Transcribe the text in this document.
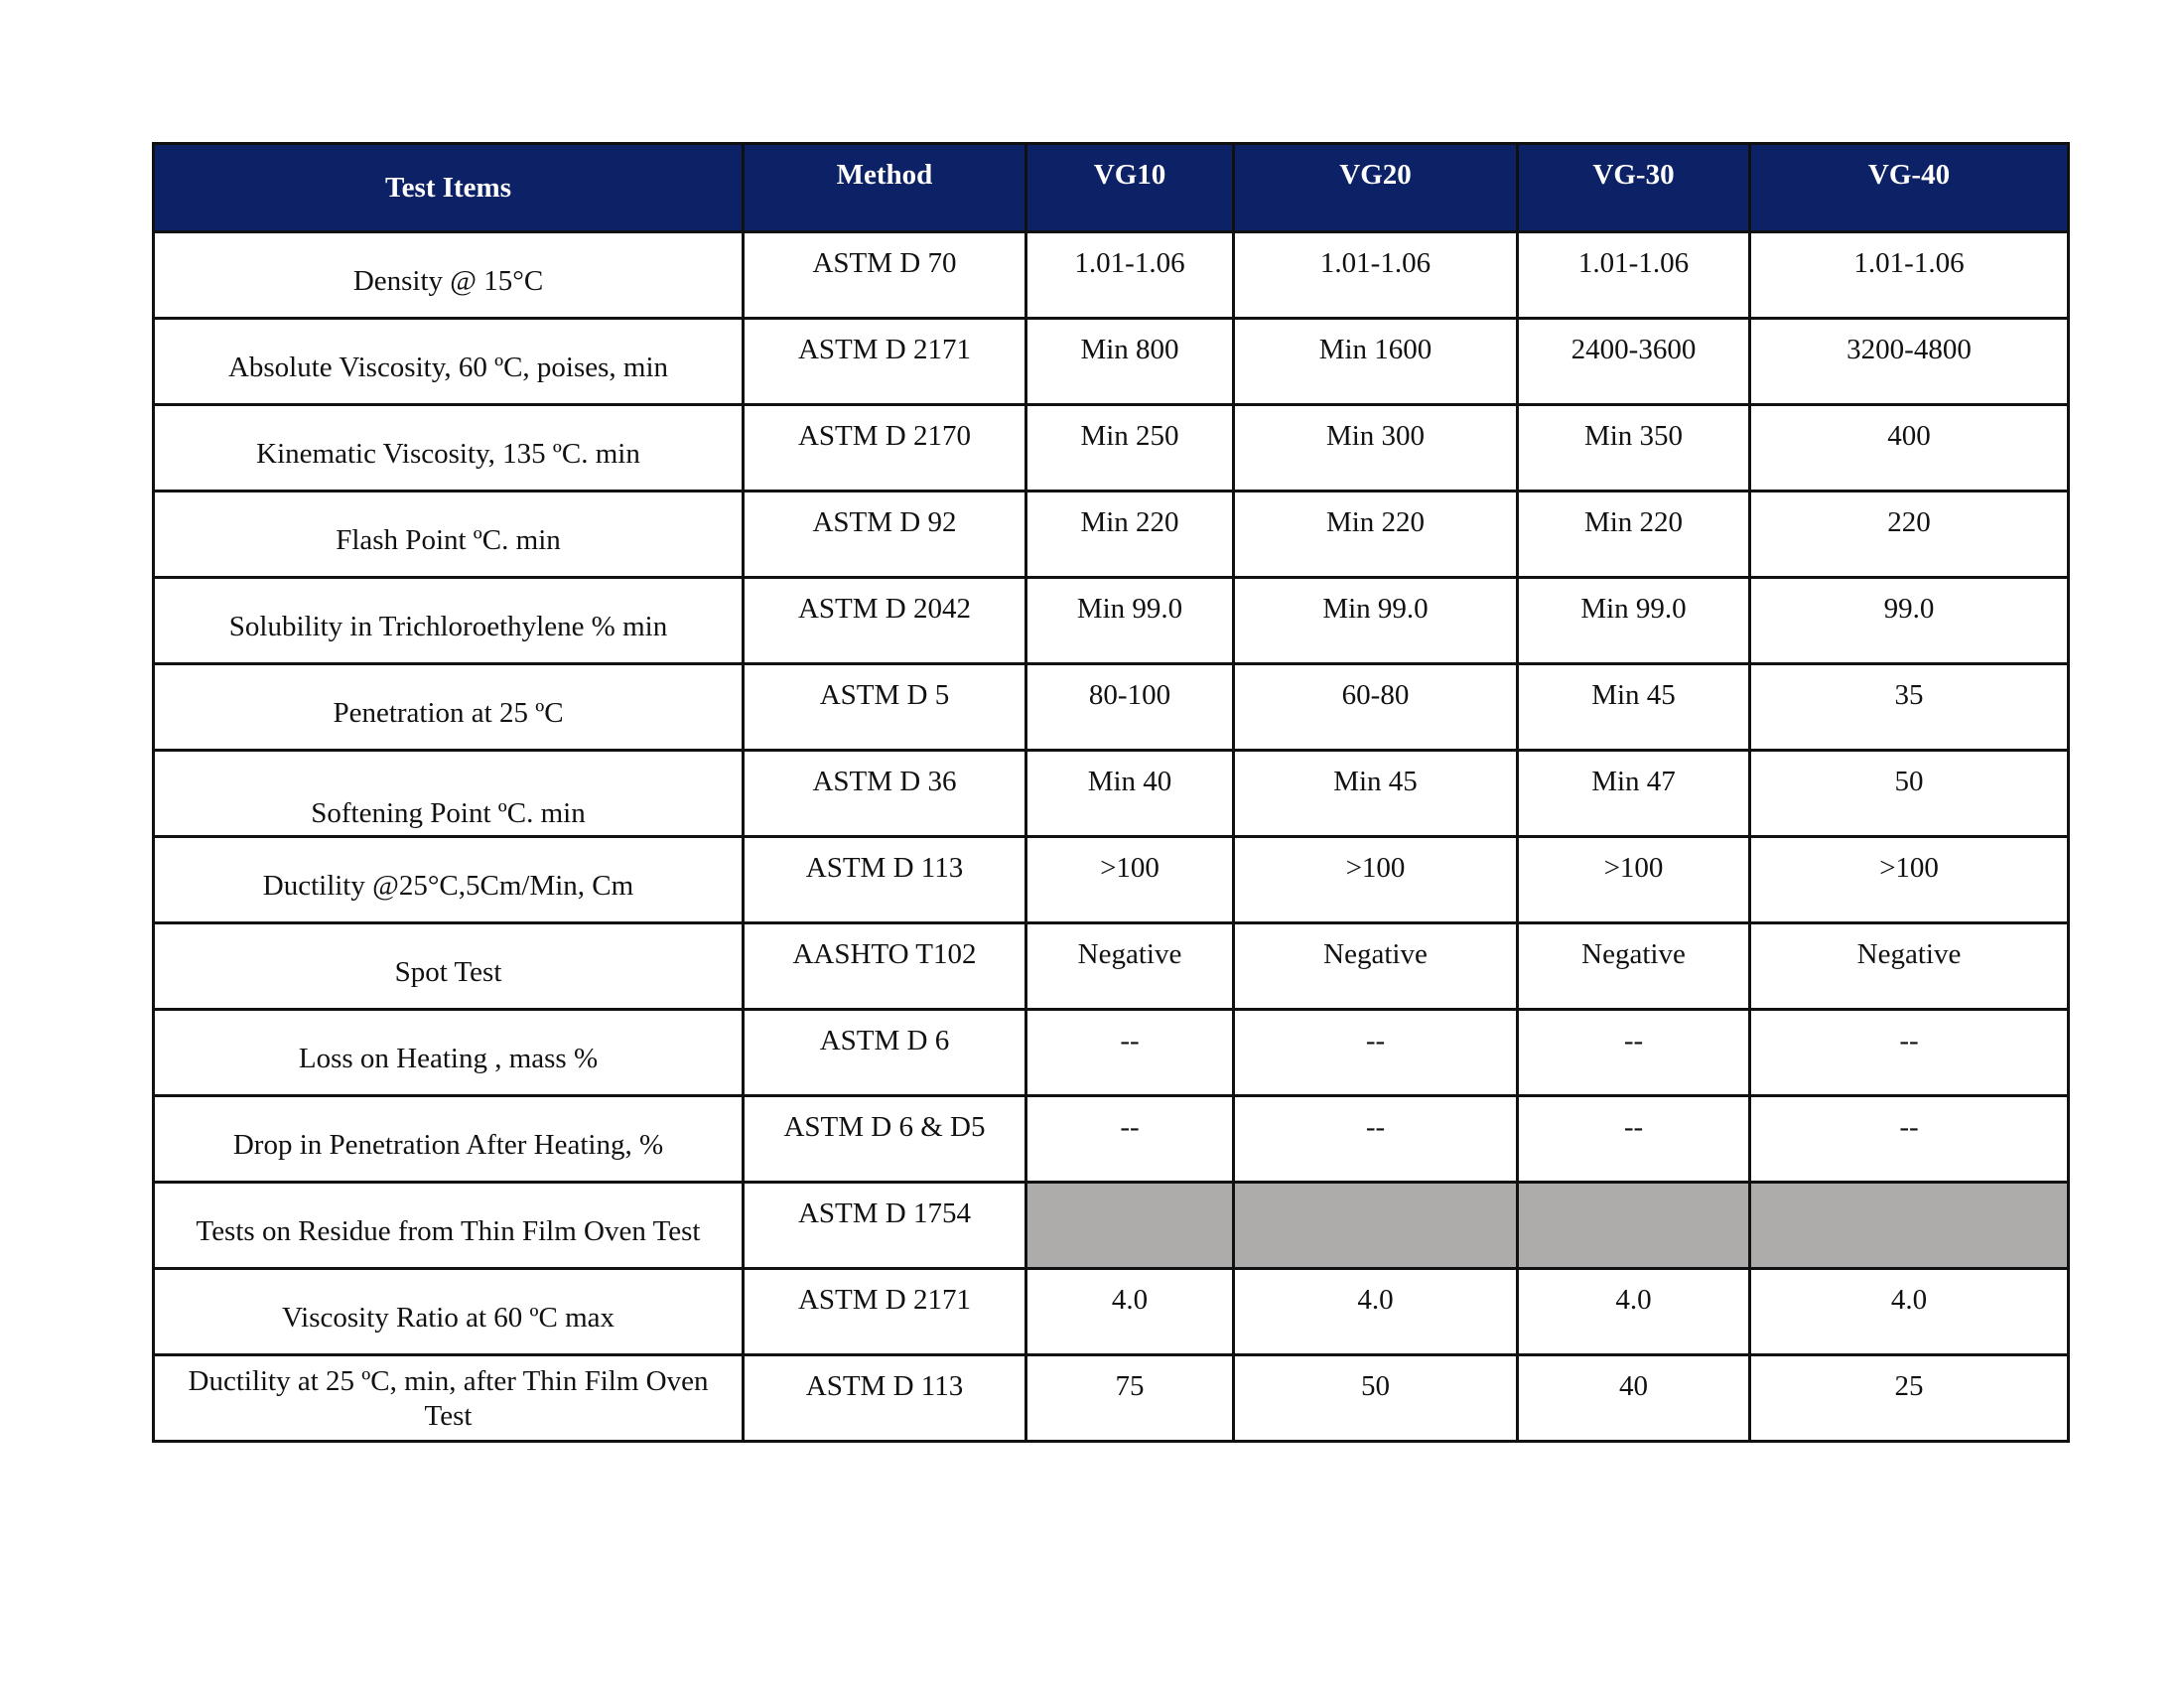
Test Items	Method	VG10	VG20	VG-30	VG-40
Density @ 15°C	ASTM D 70	1.01-1.06	1.01-1.06	1.01-1.06	1.01-1.06
Absolute Viscosity, 60 ºC, poises, min	ASTM D 2171	Min 800	Min 1600	2400-3600	3200-4800
Kinematic Viscosity, 135 ºC. min	ASTM D 2170	Min 250	Min 300	Min 350	400
Flash Point ºC. min	ASTM D 92	Min 220	Min 220	Min 220	220
Solubility in Trichloroethylene % min	ASTM D 2042	Min 99.0	Min 99.0	Min 99.0	99.0
Penetration at 25 ºC	ASTM D 5	80-100	60-80	Min 45	35
Softening Point ºC. min	ASTM D 36	Min 40	Min 45	Min 47	50
Ductility @25°C,5Cm/Min, Cm	ASTM D 113	>100	>100	>100	>100
Spot Test	AASHTO T102	Negative	Negative	Negative	Negative
Loss on Heating , mass %	ASTM D 6	--	--	--	--
Drop in Penetration After Heating, %	ASTM D 6 & D5	--	--	--	--
Tests on Residue from Thin Film Oven Test	ASTM D 1754				
Viscosity Ratio at 60 ºC max	ASTM D 2171	4.0	4.0	4.0	4.0
Ductility at 25 ºC, min, after Thin Film Oven Test	ASTM D 113	75	50	40	25
